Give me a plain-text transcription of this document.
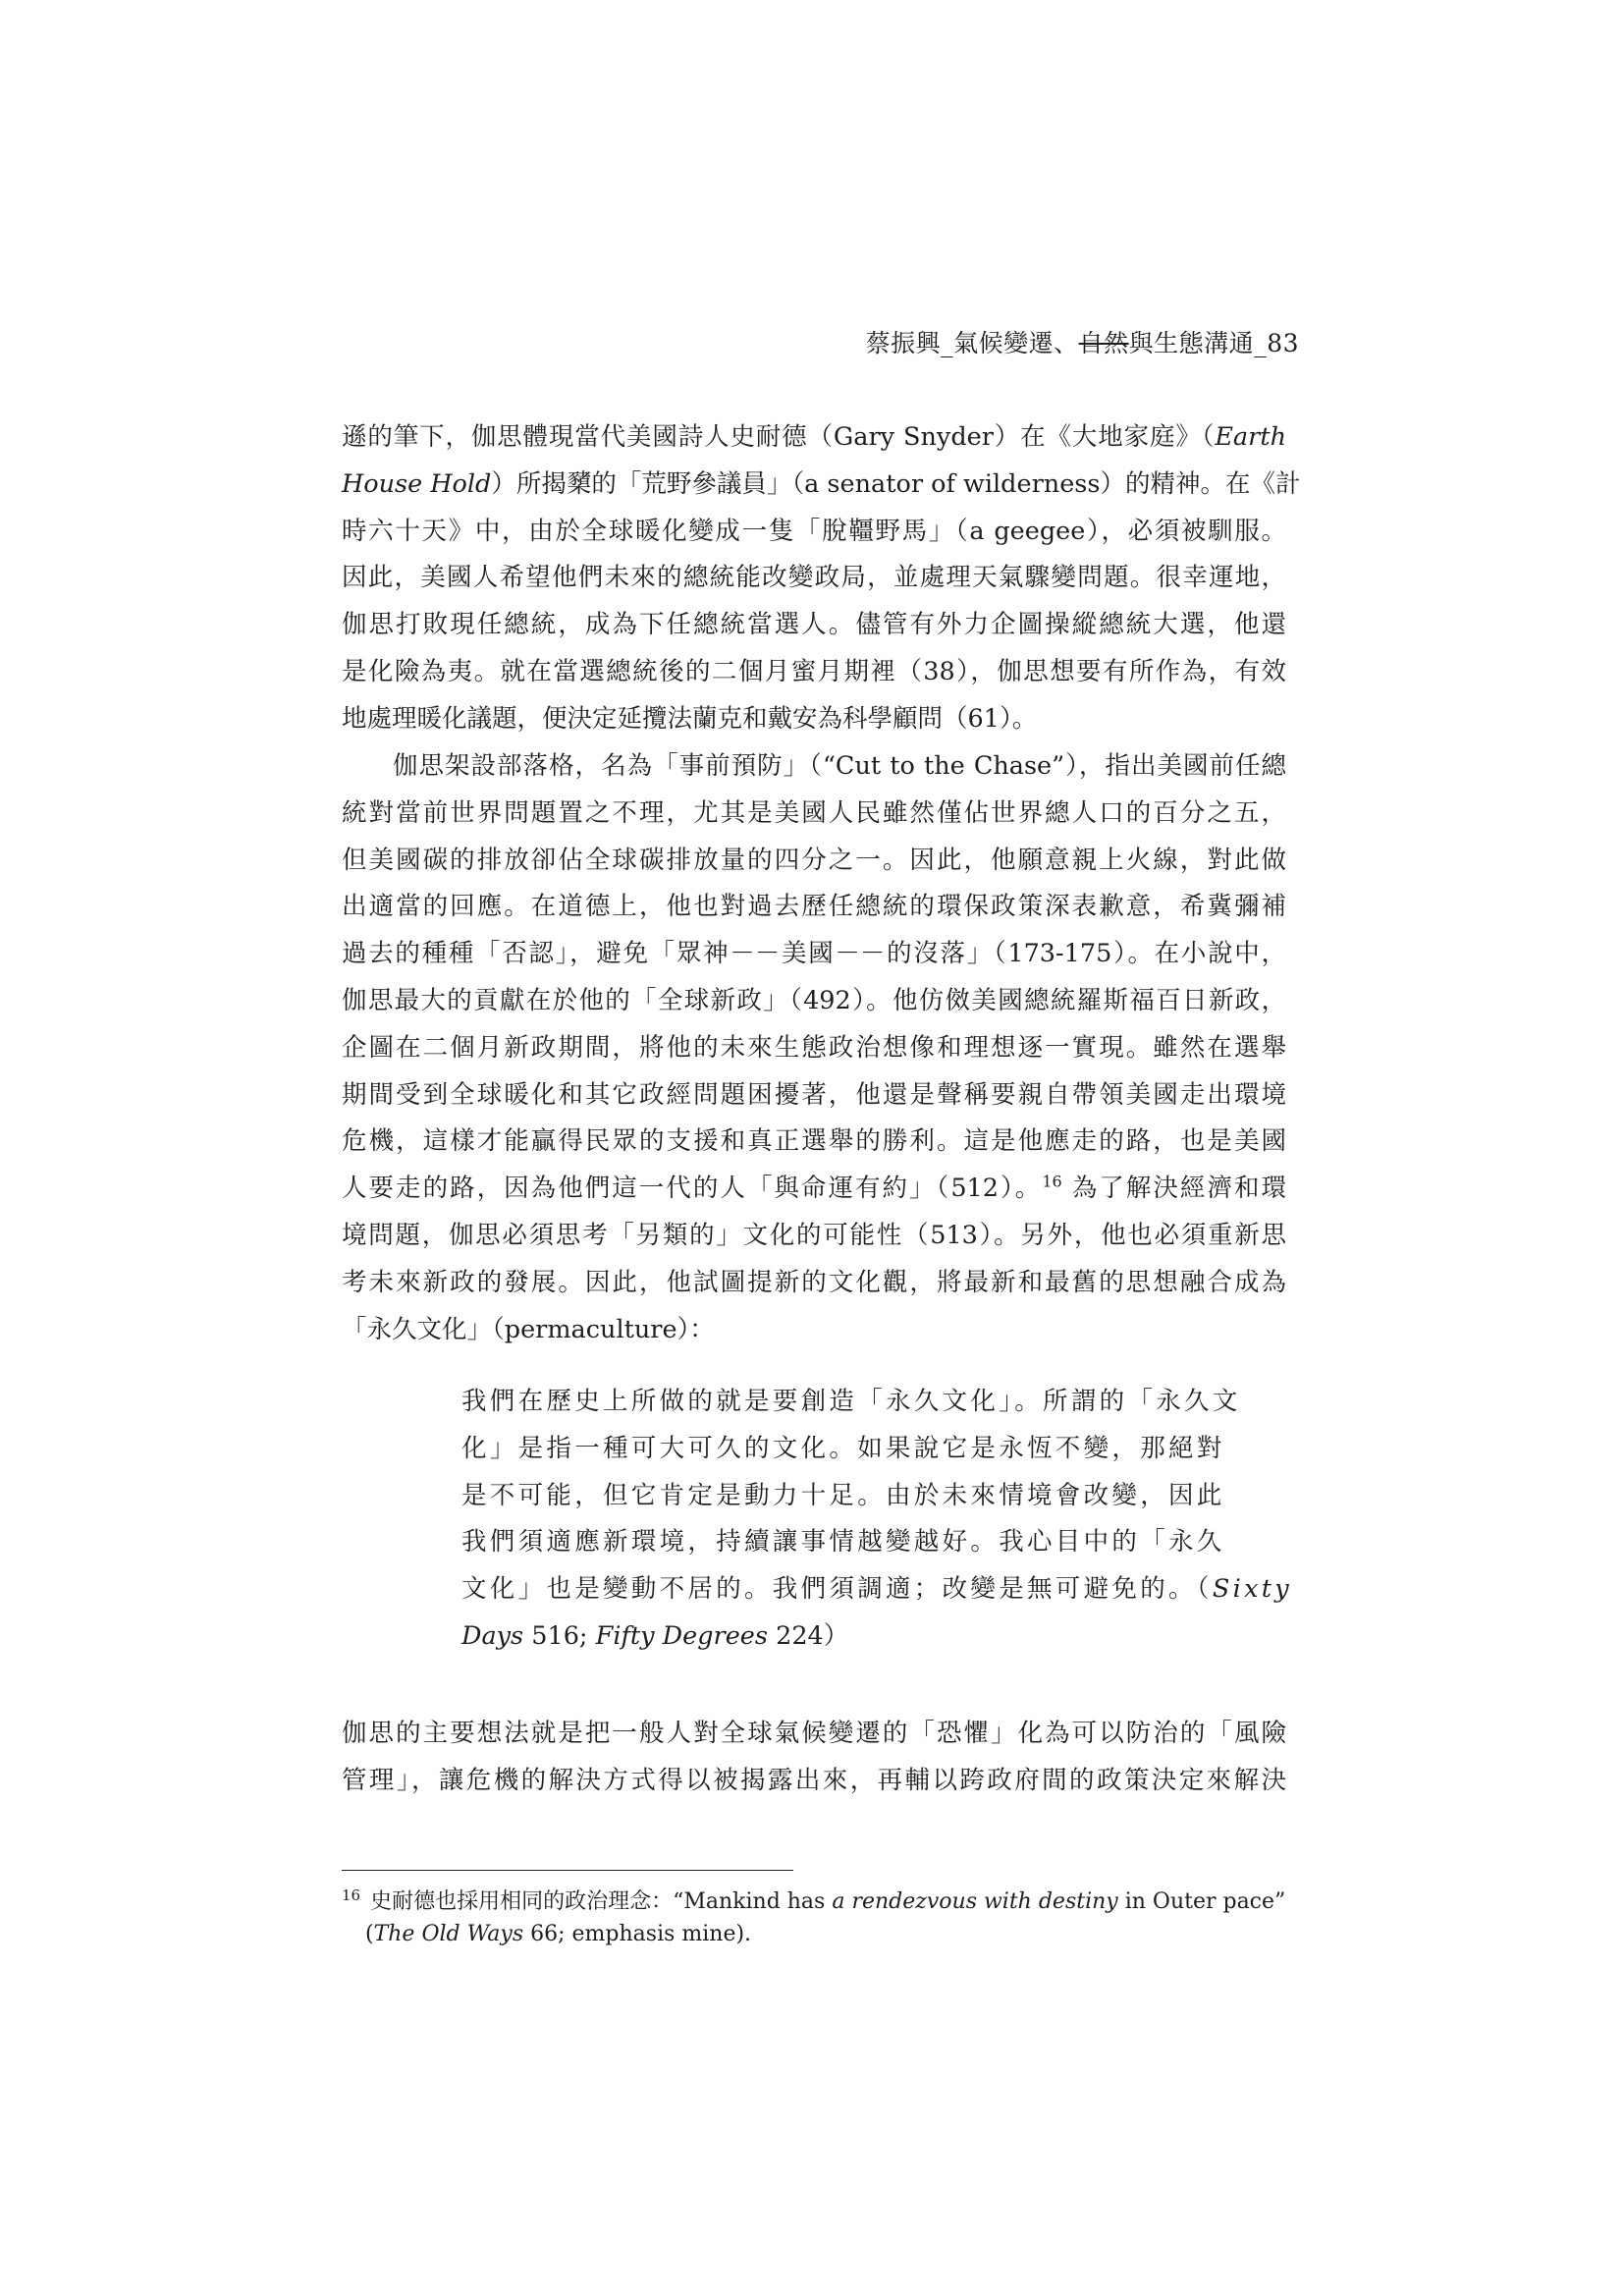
蔡振興_氣候變遷、自然與生態溝通_83
遜的筆下，伽思體現當代美國詩人史耐德（Gary Snyder）在《大地家庭》（Earth
House Hold）所揭櫫的「荒野參議員」（a senator of wilderness）的精神。在《計
時六十天》中，由於全球暖化變成一隻「脫韁野馬」（a geegee），必須被馴服。
因此，美國人希望他們未來的總統能改變政局，並處理天氣驟變問題。很幸運地，
伽思打敗現任總統，成為下任總統當選人。儘管有外力企圖操縱總統大選，他還
是化險為夷。就在當選總統後的二個月蜜月期裡（38），伽思想要有所作為，有效
地處理暖化議題，便決定延攬法蘭克和戴安為科學顧問（61）。
伽思架設部落格，名為「事前預防」（“Cut to the Chase”），指出美國前任總
統對當前世界問題置之不理，尤其是美國人民雖然僅佔世界總人口的百分之五，
但美國碳的排放卻佔全球碳排放量的四分之一。因此，他願意親上火線，對此做
出適當的回應。在道德上，他也對過去歷任總統的環保政策深表歉意，希冀彌補
過去的種種「否認」，避免「眾神－－美國－－的沒落」（173-175）。在小說中，
伽思最大的貢獻在於他的「全球新政」（492）。他仿傚美國總統羅斯福百日新政，
企圖在二個月新政期間，將他的未來生態政治想像和理想逐一實現。雖然在選舉
期間受到全球暖化和其它政經問題困擾著，他還是聲稱要親自帶領美國走出環境
危機，這樣才能贏得民眾的支援和真正選舉的勝利。這是他應走的路，也是美國
人要走的路，因為他們這一代的人「與命運有約」（512）。$^{16}$ 為了解決經濟和環
境問題，伽思必須思考「另類的」文化的可能性（513）。另外，他也必須重新思
考未來新政的發展。因此，他試圖提新的文化觀，將最新和最舊的思想融合成為
「永久文化」（permaculture）：
我們在歷史上所做的就是要創造「永久文化」。所謂的「永久文
化」是指一種可大可久的文化。如果說它是永恆不變，那絕對
是不可能，但它肯定是動力十足。由於未來情境會改變，因此
我們須適應新環境，持續讓事情越變越好。我心目中的「永久
文化」也是變動不居的。我們須調適；改變是無可避免的。（Sixty
Days 516; Fifty Degrees 224）
伽思的主要想法就是把一般人對全球氣候變遷的「恐懼」化為可以防治的「風險
管理」，讓危機的解決方式得以被揭露出來，再輔以跨政府間的政策決定來解決
$^{16}$ 史耐德也採用相同的政治理念：“Mankind has a rendezvous with destiny in Outer pace”
(The Old Ways 66; emphasis mine).
